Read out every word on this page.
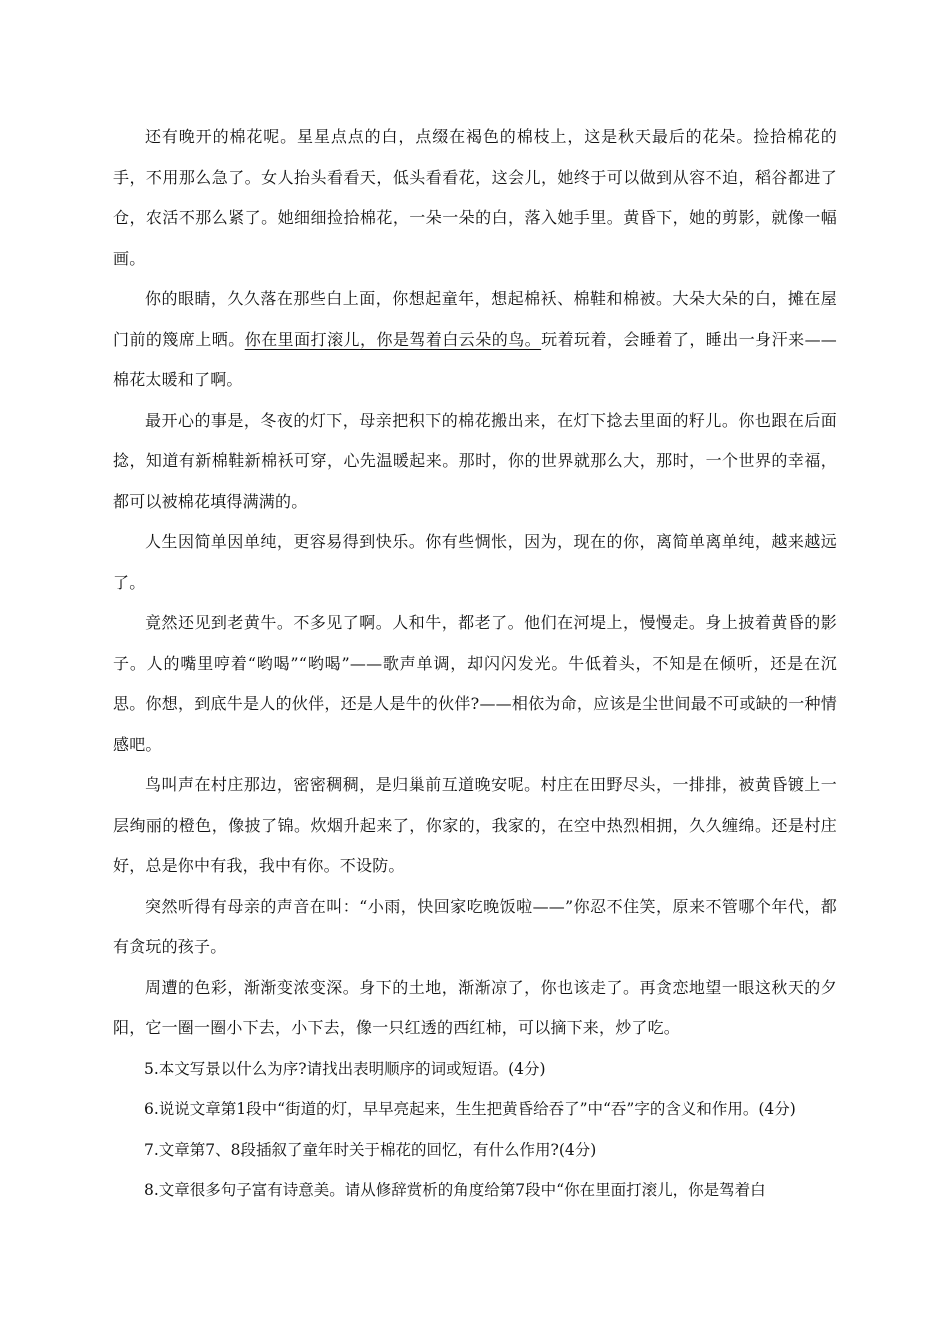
还有晚开的棉花呢。星星点点的白，点缀在褐色的棉枝上，这是秋天最后的花朵。捡拾棉花的手，不用那么急了。女人抬头看看天，低头看看花，这会儿，她终于可以做到从容不迫，稻谷都进了仓，农活不那么紧了。她细细捡拾棉花，一朵一朵的白，落入她手里。黄昏下，她的剪影，就像一幅画。

你的眼睛，久久落在那些白上面，你想起童年，想起棉袄、棉鞋和棉被。大朵大朵的白，摊在屋门前的篾席上晒。你在里面打滚儿，你是驾着白云朵的鸟。玩着玩着，会睡着了，睡出一身汗来——棉花太暖和了啊。

最开心的事是，冬夜的灯下，母亲把积下的棉花搬出来，在灯下捻去里面的籽儿。你也跟在后面捻，知道有新棉鞋新棉袄可穿，心先温暖起来。那时，你的世界就那么大，那时，一个世界的幸福，都可以被棉花填得满满的。

人生因简单因单纯，更容易得到快乐。你有些惆怅，因为，现在的你，离简单离单纯，越来越远了。

竟然还见到老黄牛。不多见了啊。人和牛，都老了。他们在河堤上，慢慢走。身上披着黄昏的影子。人的嘴里哼着“哟喝”“哟喝”——歌声单调，却闪闪发光。牛低着头，不知是在倾听，还是在沉思。你想，到底牛是人的伙伴，还是人是牛的伙伴?——相依为命，应该是尘世间最不可或缺的一种情感吧。

鸟叫声在村庄那边，密密稠稠，是归巢前互道晚安呢。村庄在田野尽头，一排排，被黄昏镀上一层绚丽的橙色，像披了锦。炊烟升起来了，你家的，我家的，在空中热烈相拥，久久缠绵。还是村庄好，总是你中有我，我中有你。不设防。

突然听得有母亲的声音在叫：“小雨，快回家吃晚饭啦——”你忍不住笑，原来不管哪个年代，都有贪玩的孩子。

周遭的色彩，渐渐变浓变深。身下的土地，渐渐凉了，你也该走了。再贪恋地望一眼这秋天的夕阳，它一圈一圈小下去，小下去，像一只红透的西红柿，可以摘下来，炒了吃。

5.本文写景以什么为序?请找出表明顺序的词或短语。(4分)

6.说说文章第1段中“街道的灯，早早亮起来，生生把黄昏给吞了”中“吞”字的含义和作用。(4分)

7.文章第7、8段插叙了童年时关于棉花的回忆，有什么作用?(4分)

8.文章很多句子富有诗意美。请从修辞赏析的角度给第7段中“你在里面打滚儿，你是驾着白
